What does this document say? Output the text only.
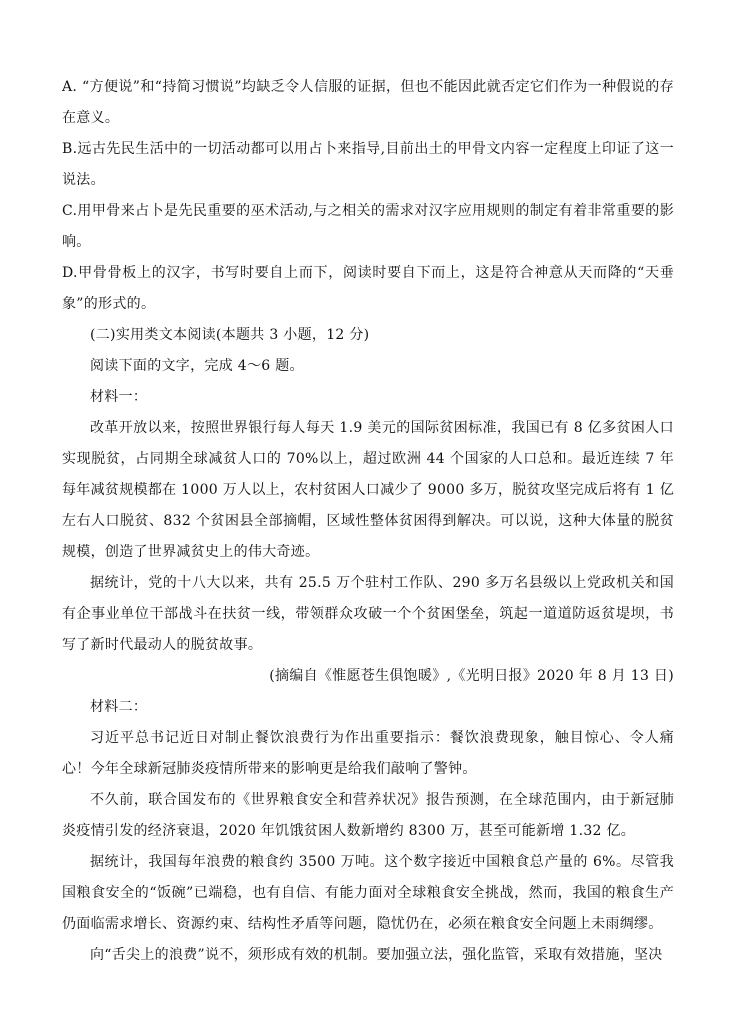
A. “方便说”和“持简习惯说”均缺乏令人信服的证据，但也不能因此就否定它们作为一种假说的存在意义。

B.远古先民生活中的一切活动都可以用占卜来指导,目前出土的甲骨文内容一定程度上印证了这一说法。

C.用甲骨来占卜是先民重要的巫术活动,与之相关的需求对汉字应用规则的制定有着非常重要的影响。

D.甲骨骨板上的汉字，书写时要自上而下，阅读时要自下而上，这是符合神意从天而降的“天垂象”的形式的。

(二)实用类文本阅读(本题共 3 小题，12 分)

阅读下面的文字，完成 4～6 题。

材料一：

改革开放以来，按照世界银行每人每天 1.9 美元的国际贫困标准，我国已有 8 亿多贫困人口实现脱贫，占同期全球减贫人口的 70%以上，超过欧洲 44 个国家的人口总和。最近连续 7 年每年减贫规模都在 1000 万人以上，农村贫困人口减少了 9000 多万，脱贫攻坚完成后将有 1 亿左右人口脱贫、832 个贫困县全部摘帽，区域性整体贫困得到解决。可以说，这种大体量的脱贫规模，创造了世界减贫史上的伟大奇迹。

据统计，党的十八大以来，共有 25.5 万个驻村工作队、290 多万名县级以上党政机关和国有企事业单位干部战斗在扶贫一线，带领群众攻破一个个贫困堡垒，筑起一道道防返贫堤坝，书写了新时代最动人的脱贫故事。

(摘编自《惟愿苍生俱饱暖》,《光明日报》2020 年 8 月 13 日)

材料二：

习近平总书记近日对制止餐饮浪费行为作出重要指示：餐饮浪费现象，触目惊心、令人痛心！今年全球新冠肺炎疫情所带来的影响更是给我们敲响了警钟。

不久前，联合国发布的《世界粮食安全和营养状况》报告预测，在全球范围内，由于新冠肺炎疫情引发的经济衰退，2020 年饥饿贫困人数新增约 8300 万，甚至可能新增 1.32 亿。

据统计，我国每年浪费的粮食约 3500 万吨。这个数字接近中国粮食总产量的 6%。尽管我国粮食安全的“饭碗”已端稳，也有自信、有能力面对全球粮食安全挑战，然而，我国的粮食生产仍面临需求增长、资源约束、结构性矛盾等问题，隐忧仍在，必须在粮食安全问题上未雨绸缪。

向“舌尖上的浪费”说不，须形成有效的机制。要加强立法，强化监管，采取有效措施，坚决
